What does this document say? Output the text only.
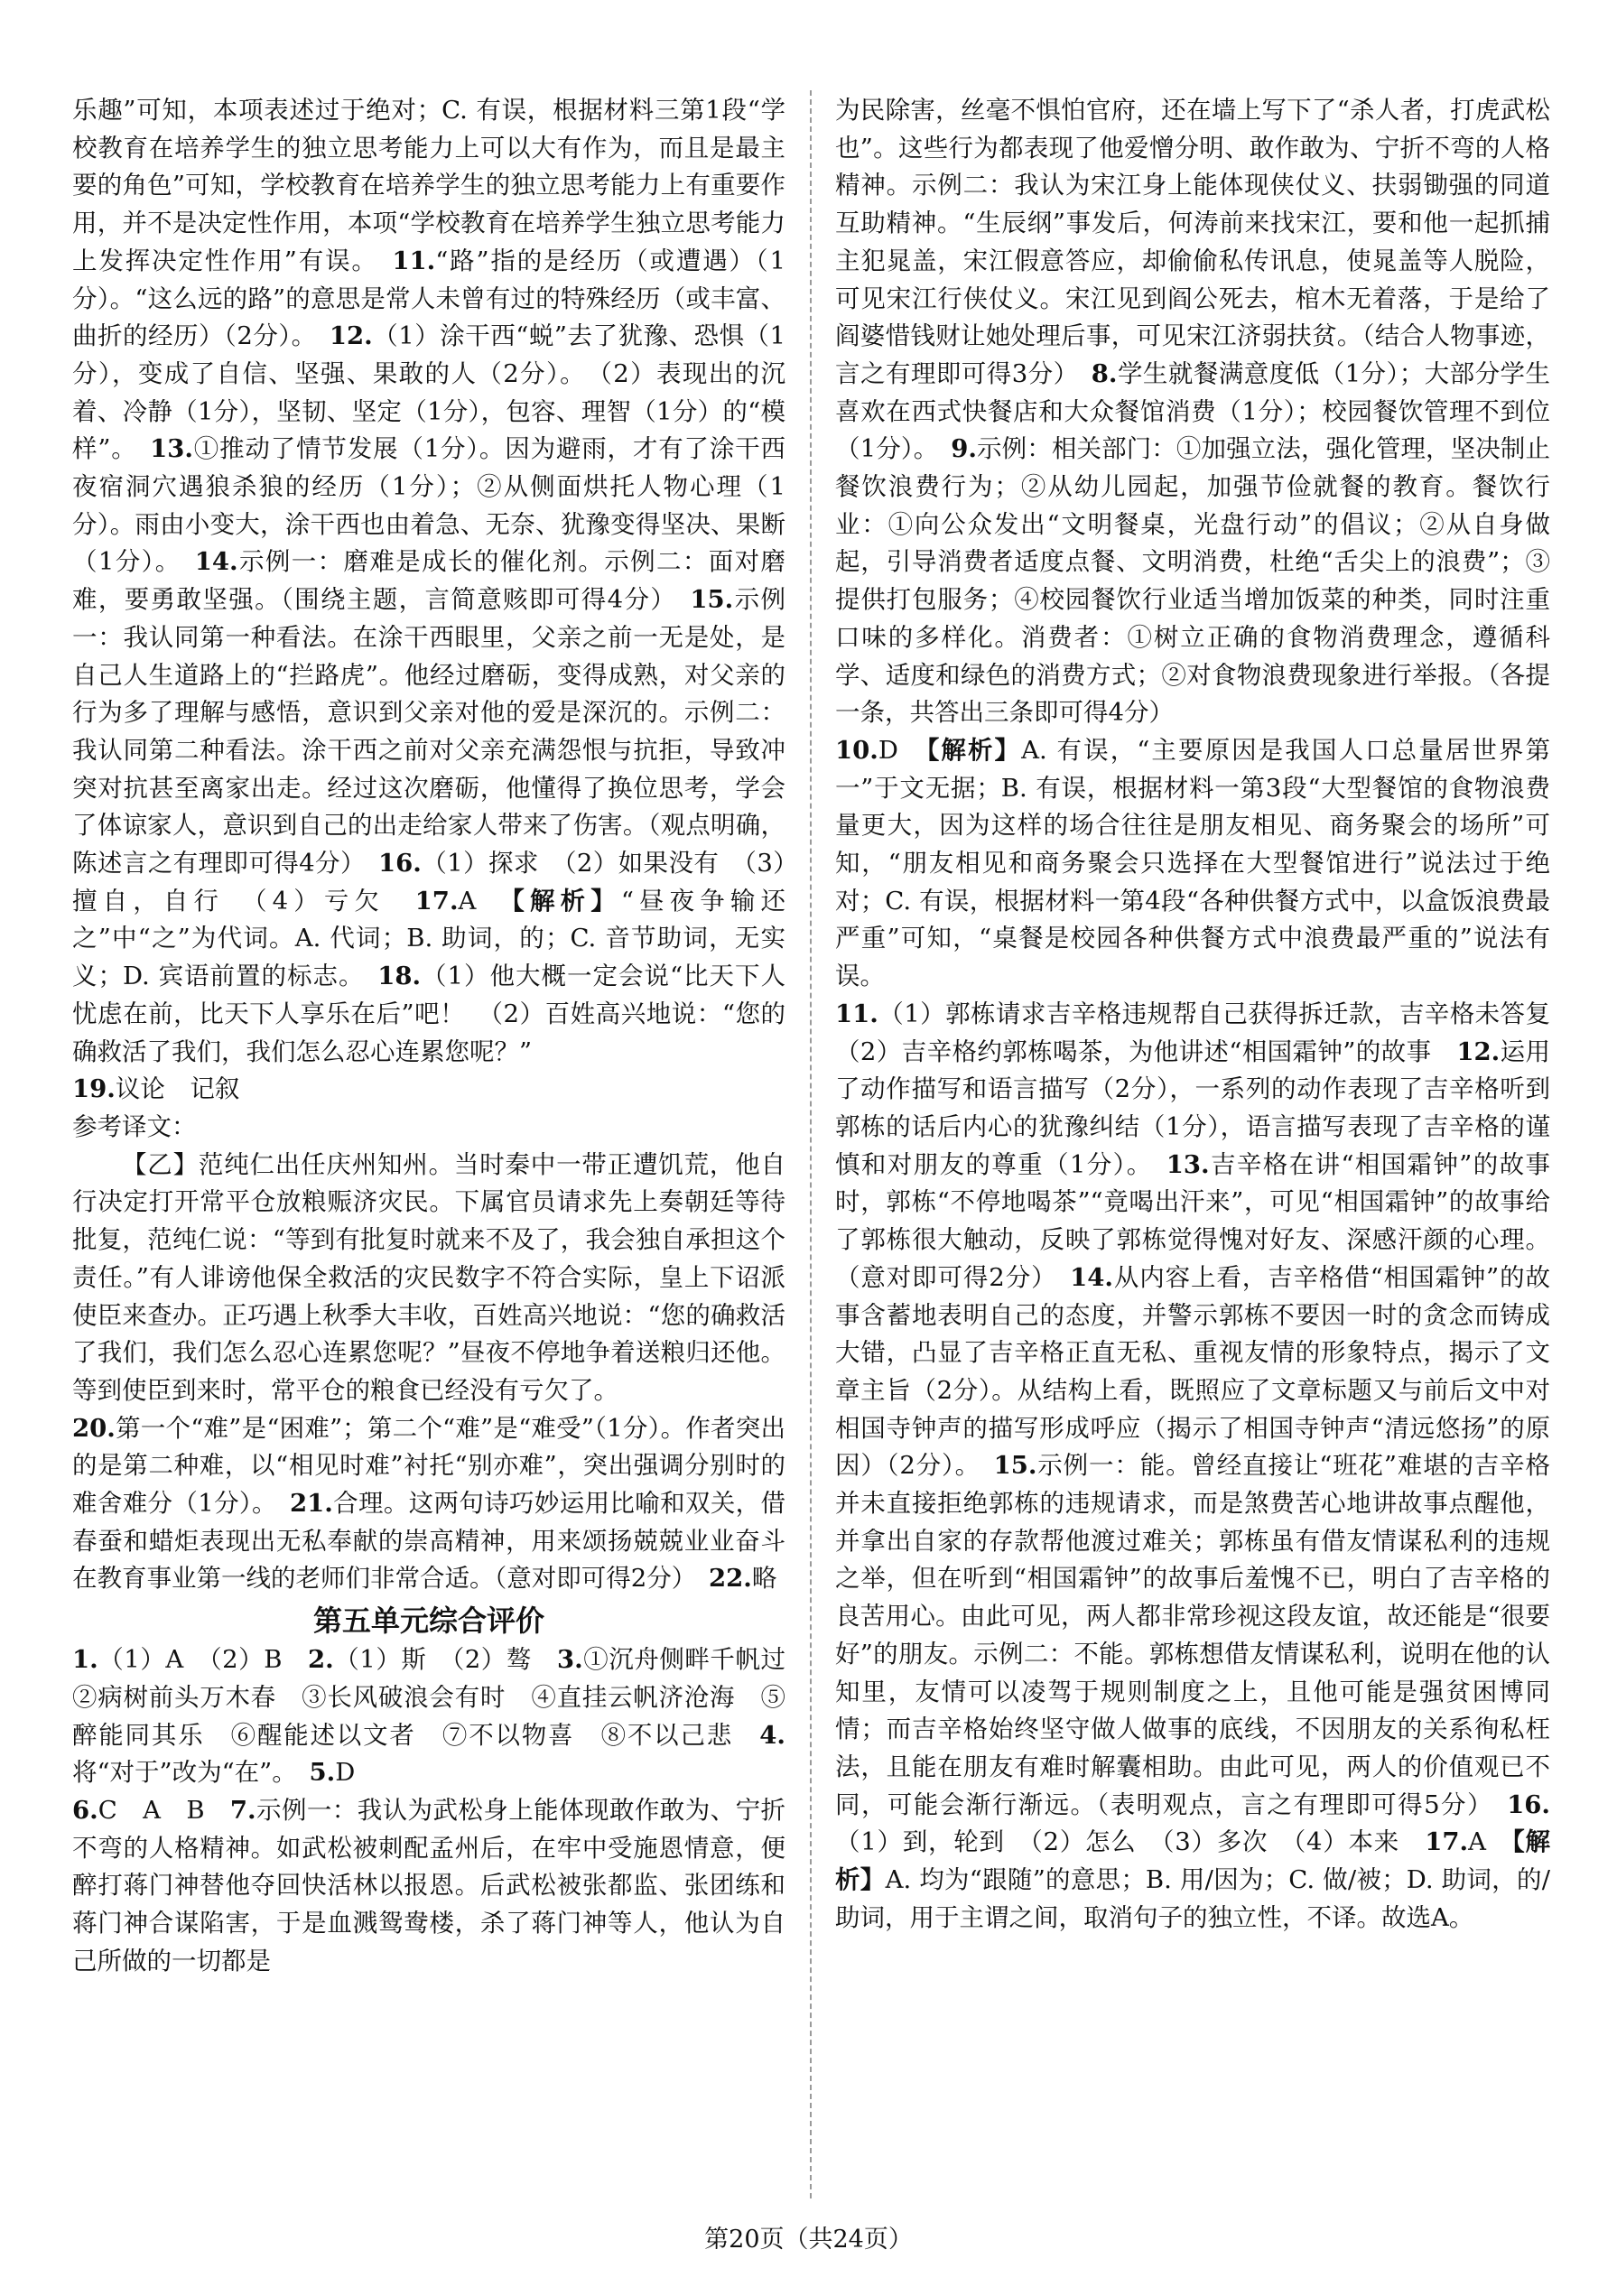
乐趣”可知，本项表述过于绝对；C. 有误，根据材料三第1段“学校教育在培养学生的独立思考能力上可以大有作为，而且是最主要的角色”可知，学校教育在培养学生的独立思考能力上有重要作用，并不是决定性作用，本项“学校教育在培养学生独立思考能力上发挥决定性作用”有误。　11.“路”指的是经历（或遭遇）（1分）。“这么远的路”的意思是常人未曾有过的特殊经历（或丰富、曲折的经历）（2分）。　12.（1）涂干西“蜕”去了犹豫、恐惧（1分），变成了自信、坚强、果敢的人（2分）。　（2）表现出的沉着、冷静（1分），坚韧、坚定（1分），包容、理智（1分）的“模样”。　13.①推动了情节发展（1分）。因为避雨，才有了涂干西夜宿洞穴遇狼杀狼的经历（1分）；②从侧面烘托人物心理（1分）。雨由小变大，涂干西也由着急、无奈、犹豫变得坚决、果断（1分）。　14.示例一：磨难是成长的催化剂。示例二：面对磨难，要勇敢坚强。（围绕主题，言简意赅即可得4分）　15.示例一：我认同第一种看法。在涂干西眼里，父亲之前一无是处，是自己人生道路上的“拦路虎”。他经过磨砺，变得成熟，对父亲的行为多了理解与感悟，意识到父亲对他的爱是深沉的。示例二：我认同第二种看法。涂干西之前对父亲充满怨恨与抗拒，导致冲突对抗甚至离家出走。经过这次磨砺，他懂得了换位思考，学会了体谅家人，意识到自己的出走给家人带来了伤害。（观点明确，陈述言之有理即可得4分）　16.（1）探求　（2）如果没有　（3）擅自，自行　（4）亏欠　17.A　【解析】“昼夜争输还之”中“之”为代词。A. 代词；B. 助词，的；C. 音节助词，无实义；D. 宾语前置的标志。　18.（1）他大概一定会说“比天下人忧虑在前，比天下人享乐在后”吧！　（2）百姓高兴地说：“您的确救活了我们，我们怎么忍心连累您呢？”

19.议论　记叙

参考译文：

【乙】范纯仁出任庆州知州。当时秦中一带正遭饥荒，他自行决定打开常平仓放粮赈济灾民。下属官员请求先上奏朝廷等待批复，范纯仁说：“等到有批复时就来不及了，我会独自承担这个责任。”有人诽谤他保全救活的灾民数字不符合实际，皇上下诏派使臣来查办。正巧遇上秋季大丰收，百姓高兴地说：“您的确救活了我们，我们怎么忍心连累您呢？”昼夜不停地争着送粮归还他。等到使臣到来时，常平仓的粮食已经没有亏欠了。

20.第一个“难”是“困难”；第二个“难”是“难受”（1分）。作者突出的是第二种难，以“相见时难”衬托“别亦难”，突出强调分别时的难舍难分（1分）。　21.合理。这两句诗巧妙运用比喻和双关，借春蚕和蜡炬表现出无私奉献的崇高精神，用来颂扬兢兢业业奋斗在教育事业第一线的老师们非常合适。（意对即可得2分）　22.略

第五单元综合评价

1.（1）A　（2）B　2.（1）斯　（2）骜　3.①沉舟侧畔千帆过　②病树前头万木春　③长风破浪会有时　④直挂云帆济沧海　⑤醉能同其乐　⑥醒能述以文者　⑦不以物喜　⑧不以己悲　4.将“对于”改为“在”。　5.D

6.C　A　B　7.示例一：我认为武松身上能体现敢作敢为、宁折不弯的人格精神。如武松被刺配孟州后，在牢中受施恩情意，便醉打蒋门神替他夺回快活林以报恩。后武松被张都监、张团练和蒋门神合谋陷害，于是血溅鸳鸯楼，杀了蒋门神等人，他认为自己所做的一切都是

为民除害，丝毫不惧怕官府，还在墙上写下了“杀人者，打虎武松也”。这些行为都表现了他爱憎分明、敢作敢为、宁折不弯的人格精神。示例二：我认为宋江身上能体现侠仗义、扶弱锄强的同道互助精神。“生辰纲”事发后，何涛前来找宋江，要和他一起抓捕主犯晁盖，宋江假意答应，却偷偷私传讯息，使晁盖等人脱险，可见宋江行侠仗义。宋江见到阎公死去，棺木无着落，于是给了阎婆惜钱财让她处理后事，可见宋江济弱扶贫。（结合人物事迹，言之有理即可得3分）　8.学生就餐满意度低（1分）；大部分学生喜欢在西式快餐店和大众餐馆消费（1分）；校园餐饮管理不到位（1分）。　9.示例：相关部门：①加强立法，强化管理，坚决制止餐饮浪费行为；②从幼儿园起，加强节俭就餐的教育。餐饮行业：①向公众发出“文明餐桌，光盘行动”的倡议；②从自身做起，引导消费者适度点餐、文明消费，杜绝“舌尖上的浪费”；③提供打包服务；④校园餐饮行业适当增加饭菜的种类，同时注重口味的多样化。消费者：①树立正确的食物消费理念，遵循科学、适度和绿色的消费方式；②对食物浪费现象进行举报。（各提一条，共答出三条即可得4分）

10.D　【解析】A. 有误，“主要原因是我国人口总量居世界第一”于文无据；B. 有误，根据材料一第3段“大型餐馆的食物浪费量更大，因为这样的场合往往是朋友相见、商务聚会的场所”可知，“朋友相见和商务聚会只选择在大型餐馆进行”说法过于绝对；C. 有误，根据材料一第4段“各种供餐方式中，以盒饭浪费最严重”可知，“桌餐是校园各种供餐方式中浪费最严重的”说法有误。

11.（1）郭栋请求吉辛格违规帮自己获得拆迁款，吉辛格未答复　（2）吉辛格约郭栋喝茶，为他讲述“相国霜钟”的故事　12.运用了动作描写和语言描写（2分），一系列的动作表现了吉辛格听到郭栋的话后内心的犹豫纠结（1分），语言描写表现了吉辛格的谨慎和对朋友的尊重（1分）。　13.吉辛格在讲“相国霜钟”的故事时，郭栋“不停地喝茶”“竟喝出汗来”，可见“相国霜钟”的故事给了郭栋很大触动，反映了郭栋觉得愧对好友、深感汗颜的心理。（意对即可得2分）　14.从内容上看，吉辛格借“相国霜钟”的故事含蓄地表明自己的态度，并警示郭栋不要因一时的贪念而铸成大错，凸显了吉辛格正直无私、重视友情的形象特点，揭示了文章主旨（2分）。从结构上看，既照应了文章标题又与前后文中对相国寺钟声的描写形成呼应（揭示了相国寺钟声“清远悠扬”的原因）（2分）。　15.示例一：能。曾经直接让“班花”难堪的吉辛格并未直接拒绝郭栋的违规请求，而是煞费苦心地讲故事点醒他，并拿出自家的存款帮他渡过难关；郭栋虽有借友情谋私利的违规之举，但在听到“相国霜钟”的故事后羞愧不已，明白了吉辛格的良苦用心。由此可见，两人都非常珍视这段友谊，故还能是“很要好”的朋友。示例二：不能。郭栋想借友情谋私利，说明在他的认知里，友情可以凌驾于规则制度之上，且他可能是强贫困博同情；而吉辛格始终坚守做人做事的底线，不因朋友的关系徇私枉法，且能在朋友有难时解囊相助。由此可见，两人的价值观已不同，可能会渐行渐远。（表明观点，言之有理即可得5分）　16.（1）到，轮到　（2）怎么　（3）多次　（4）本来　17.A　【解析】A. 均为“跟随”的意思；B. 用/因为；C. 做/被；D. 助词，的/助词，用于主谓之间，取消句子的独立性，不译。故选A。

第20页（共24页）
